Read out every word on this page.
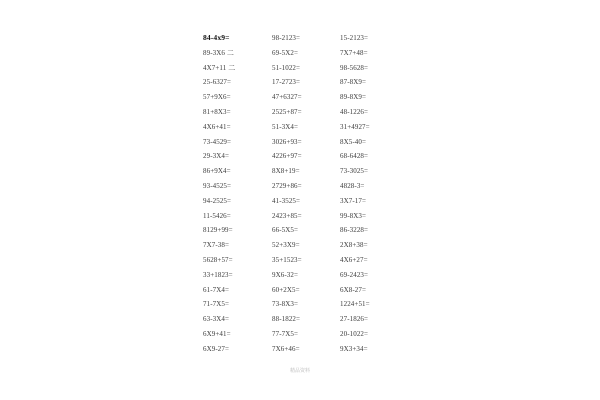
84-4x9=
89-3X6 二
4X7+11 二
25-6327=
57+9X6=
81+8X3=
4X6+41=
73-4529=
29-3X4=
86+9X4=
93-4525=
94-2525=
11-5426=
8129+99=
7X7-38=
5628+57=
33+1823=
61-7X4=
71-7X5=
63-3X4=
6X9+41=
6X9-27=
98-2123=
69-5X2=
51-1022=
17-2723=
47+6327=
2525+87=
51-3X4=
3026+93=
4226+97=
8X8+19=
2729+86=
41-3525=
2423+85=
66-5X5=
52+3X9=
35+1523=
9X6-32=
60+2X5=
73-8X3=
88-1822=
77-7X5=
7X6+46=
15-2123=
7X7+48=
98-5628=
87-8X9=
89-8X9=
48-1226=
31+4927=
8X5-40=
68-6428=
73-3025=
4828-3=
3X7-17=
99-8X3=
86-3228=
2X8+38=
4X6+27=
69-2423=
6X8-27=
1224+51=
27-1826=
20-1022=
9X3+34=
精品资料
